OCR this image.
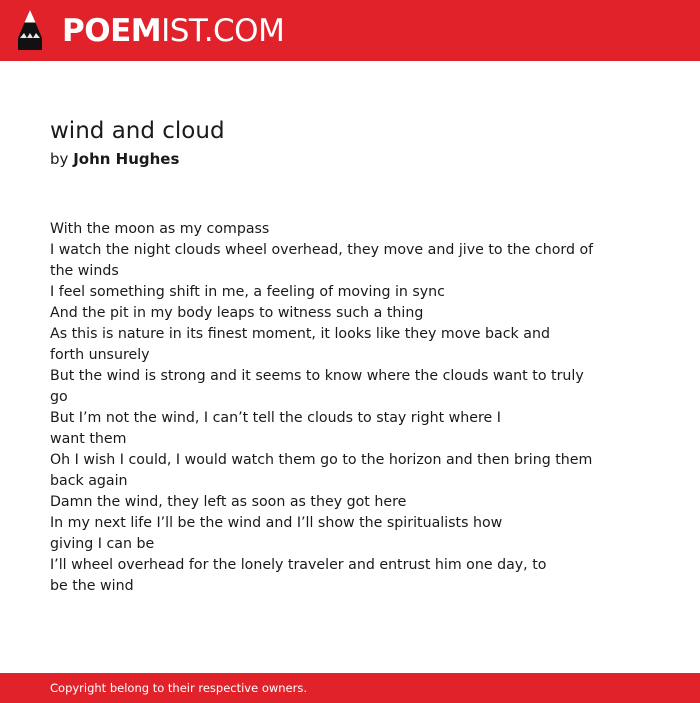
POEMIST.COM
wind and cloud
by John Hughes
With the moon as my compass
I watch the night clouds wheel overhead, they move and jive to the chord of
the winds
I feel something shift in me, a feeling of moving in sync
And the pit in my body leaps to witness such a thing
As this is nature in its finest moment, it looks like they move back and
forth unsurely
But the wind is strong and it seems to know where the clouds want to truly
go
But I’m not the wind, I can’t tell the clouds to stay right where I
want them
Oh I wish I could, I would watch them go to the horizon and then bring them
back again
Damn the wind, they left as soon as they got here
In my next life I’ll be the wind and I’ll show the spiritualists how
giving I can be
I’ll wheel overhead for the lonely traveler and entrust him one day, to
be the wind
Copyright belong to their respective owners.
